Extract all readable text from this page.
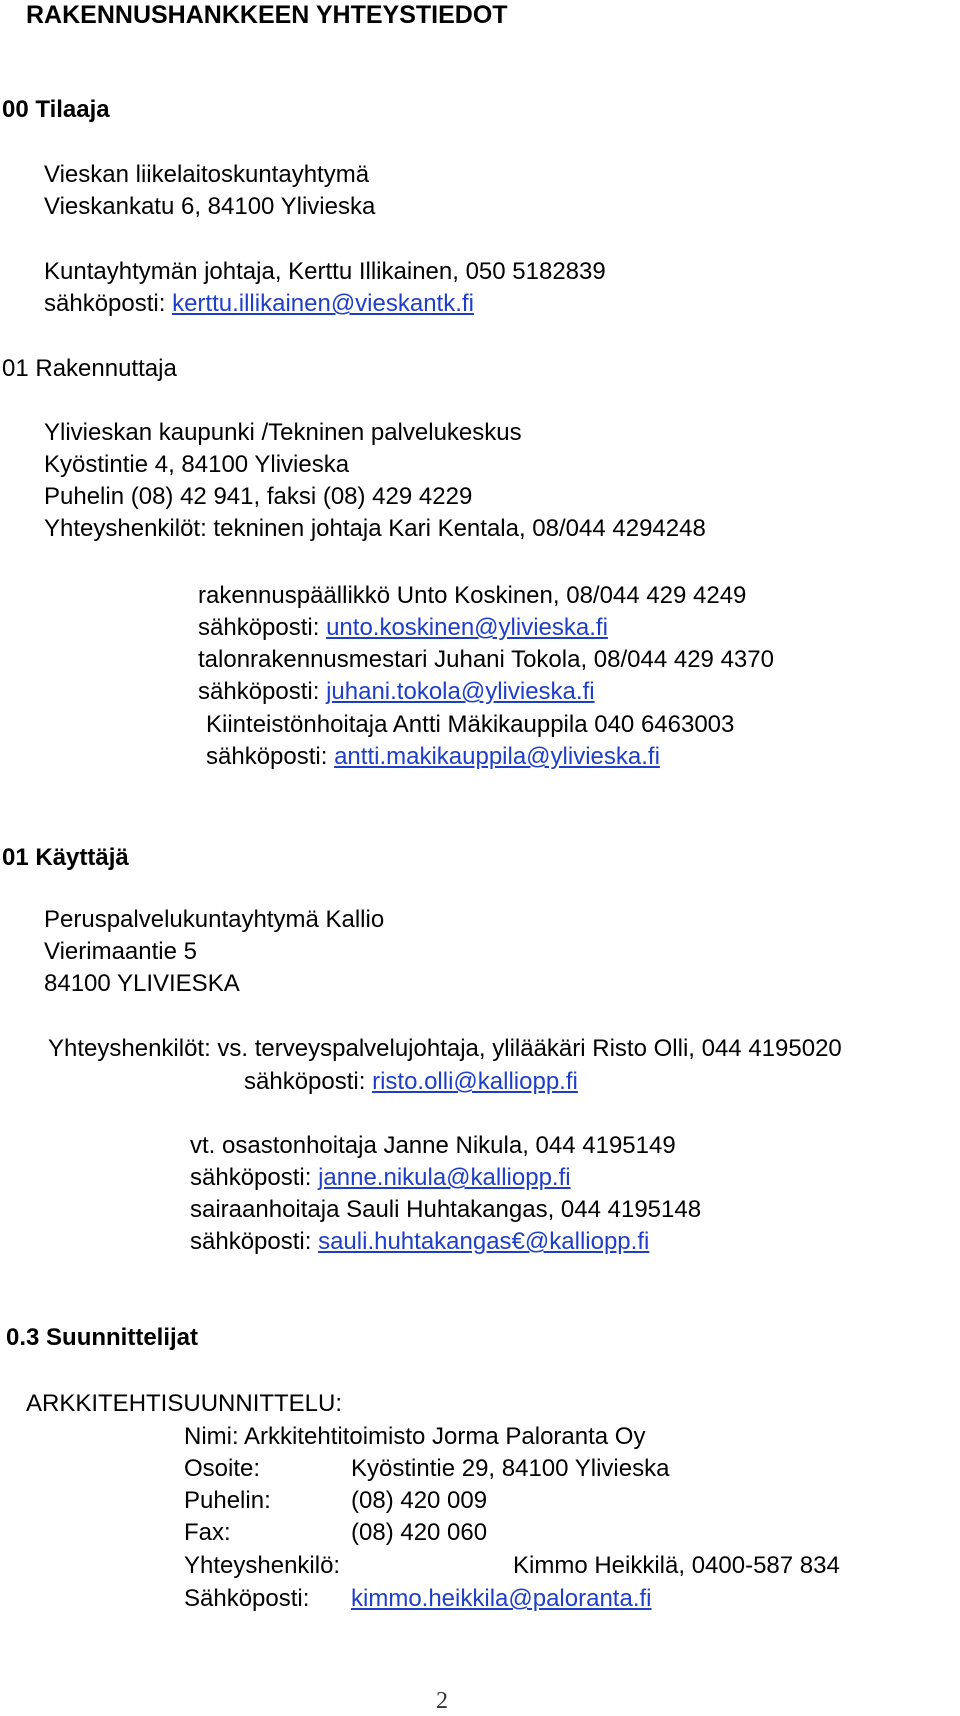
RAKENNUSHANKKEEN YHTEYSTIEDOT
00 Tilaaja
Vieskan liikelaitoskuntayhtymä
Vieskankatu 6, 84100 Ylivieska
Kuntayhtymän johtaja, Kerttu Illikainen, 050 5182839
sähköposti: kerttu.illikainen@vieskantk.fi
01 Rakennuttaja
Ylivieskan kaupunki /Tekninen palvelukeskus
Kyöstintie 4, 84100 Ylivieska
Puhelin (08) 42 941, faksi (08) 429 4229
Yhteyshenkilöt: tekninen johtaja Kari Kentala, 08/044 4294248
rakennuspäällikkö Unto Koskinen, 08/044 429 4249
sähköposti: unto.koskinen@ylivieska.fi
talonrakennusmestari Juhani Tokola, 08/044 429 4370
sähköposti: juhani.tokola@ylivieska.fi
Kiinteistönhoitaja Antti Mäkikauppila 040 6463003
sähköposti: antti.makikauppila@ylivieska.fi
01 Käyttäjä
Peruspalvelukuntayhtymä Kallio
Vierimaantie 5
84100 YLIVIESKA
Yhteyshenkilöt: vs. terveyspalvelujohtaja, ylilääkäri Risto Olli, 044 4195020
sähköposti: risto.olli@kalliopp.fi
vt. osastonhoitaja Janne Nikula, 044 4195149
sähköposti: janne.nikula@kalliopp.fi
sairaanhoitaja Sauli Huhtakangas, 044 4195148
sähköposti: sauli.huhtakangas€@kalliopp.fi
0.3 Suunnittelijat
ARKKITEHTISUUNNITTELU:
Nimi: Arkkitehtitoimisto Jorma Paloranta Oy
Osoite:	Kyöstintie 29, 84100 Ylivieska
Puhelin:	(08) 420 009
Fax:	(08) 420 060
Yhteyshenkilö:	Kimmo Heikkilä, 0400-587 834
Sähköposti: kimmo.heikkila@paloranta.fi
2
